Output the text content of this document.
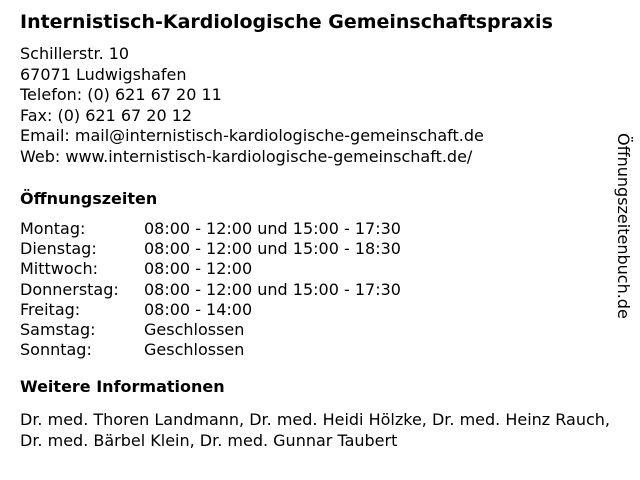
Internistisch-Kardiologische Gemeinschaftspraxis
Schillerstr. 10
67071 Ludwigshafen
Telefon: (0) 621 67 20 11
Fax: (0) 621 67 20 12
Email: mail@internistisch-kardiologische-gemeinschaft.de
Web: www.internistisch-kardiologische-gemeinschaft.de/
Öffnungszeiten
Montag:	08:00 - 12:00 und 15:00 - 17:30
Dienstag:	08:00 - 12:00 und 15:00 - 18:30
Mittwoch:	08:00 - 12:00
Donnerstag:	08:00 - 12:00 und 15:00 - 17:30
Freitag:	08:00 - 14:00
Samstag:	Geschlossen
Sonntag:	Geschlossen
Weitere Informationen
Dr. med. Thoren Landmann, Dr. med. Heidi Hölzke, Dr. med. Heinz Rauch, Dr. med. Bärbel Klein, Dr. med. Gunnar Taubert
Öffnungszeitenbuch.de
